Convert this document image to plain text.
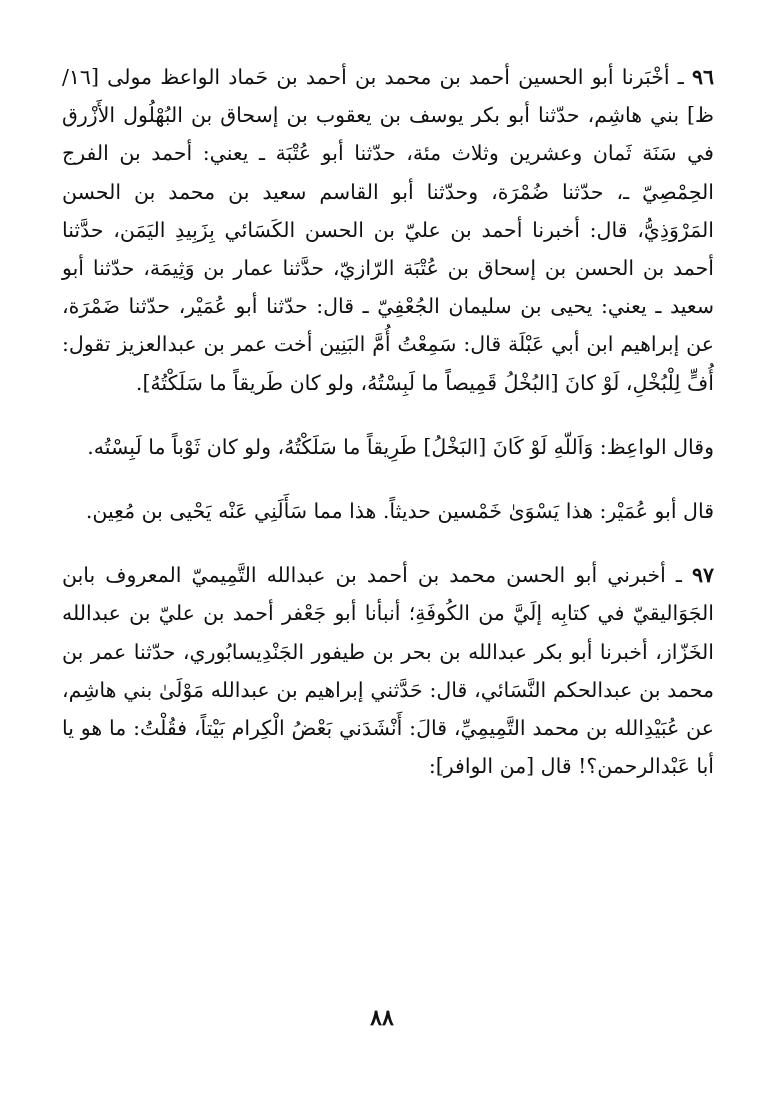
٩٦ ـ أخْبَرنا أبو الحسين أحمد بن محمد بن أحمد بن حَماد الواعظ مولى [١٦/ظ] بني هاشِم، حدّثنا أبو بكر يوسف بن يعقوب بن إسحاق بن البُهْلُول الأَزْرق في سَنَة ثَمان وعشرين وثلاث مئة، حدّثنا أبو عُتْبَة ـ يعني: أحمد بن الفرج الحِمْصِيّ ـ، حدّثنا ضُمْرَة، وحدّثنا أبو القاسم سعيد بن محمد بن الحسن المَرْوَذِيُّ، قال: أخبرنا أحمد بن عليّ بن الحسن الكَسَائي بِزَبِيدِ اليَمَن، حدَّثنا أحمد بن الحسن بن إسحاق بن عُتْبَة الرّازيّ، حدَّثنا عمار بن وَثِيمَة، حدّثنا أبو سعيد ـ يعني: يحيى بن سليمان الجُعْفِيّ ـ قال: حدّثنا أبو عُمَيْر، حدّثنا ضَمْرَة، عن إبراهيم ابن أبي عَبْلَة قال: سَمِعْتُ أُمَّ البَنِين أخت عمر بن عبدالعزيز تقول: أُفٍّ لِلْبُخْلِ، لَوْ كانَ [البُخْلُ قَمِيصاً ما لَبِسْتُهُ، ولو كان طَريقاً ما سَلَكْتُهُ].

وقال الواعِظ: وَاَللّهِ لَوْ كَانَ [البَخْلُ] طَرِيقاً ما سَلَكْتُهُ، ولو كان ثَوْباً ما لَبِسْتُه.

قال أبو عُمَيْر: هذا يَسْوَىٰ خَمْسين حديثاً. هذا مما سَأَلَنِي عَنْه يَحْيى بن مُعِين.

٩٧ ـ أخبرني أبو الحسن محمد بن أحمد بن عبدالله التَّمِيميّ المعروف بابن الجَوَاليقيّ في كتابِه إلَيَّ من الكُوفَةِ؛ أنبأنا أبو جَعْفر أحمد بن عليّ بن عبدالله الخَزّاز، أخبرنا أبو بكر عبدالله بن بحر بن طيفور الجَنْدِيسابُوري، حدّثنا عمر بن محمد بن عبدالحكم النَّسَائي، قال: حَدَّثني إبراهيم بن عبدالله مَوْلَىٰ بني هاشِم، عن عُبَيْدِالله بن محمد التَّمِيمِيِّ، قالَ: أَنْشَدَني بَعْضُ الْكِرام بَيْتاً، فقُلْتُ: ما هو يا أبا عَبْدالرحمن؟! قال [من الوافر]:

٨٨
